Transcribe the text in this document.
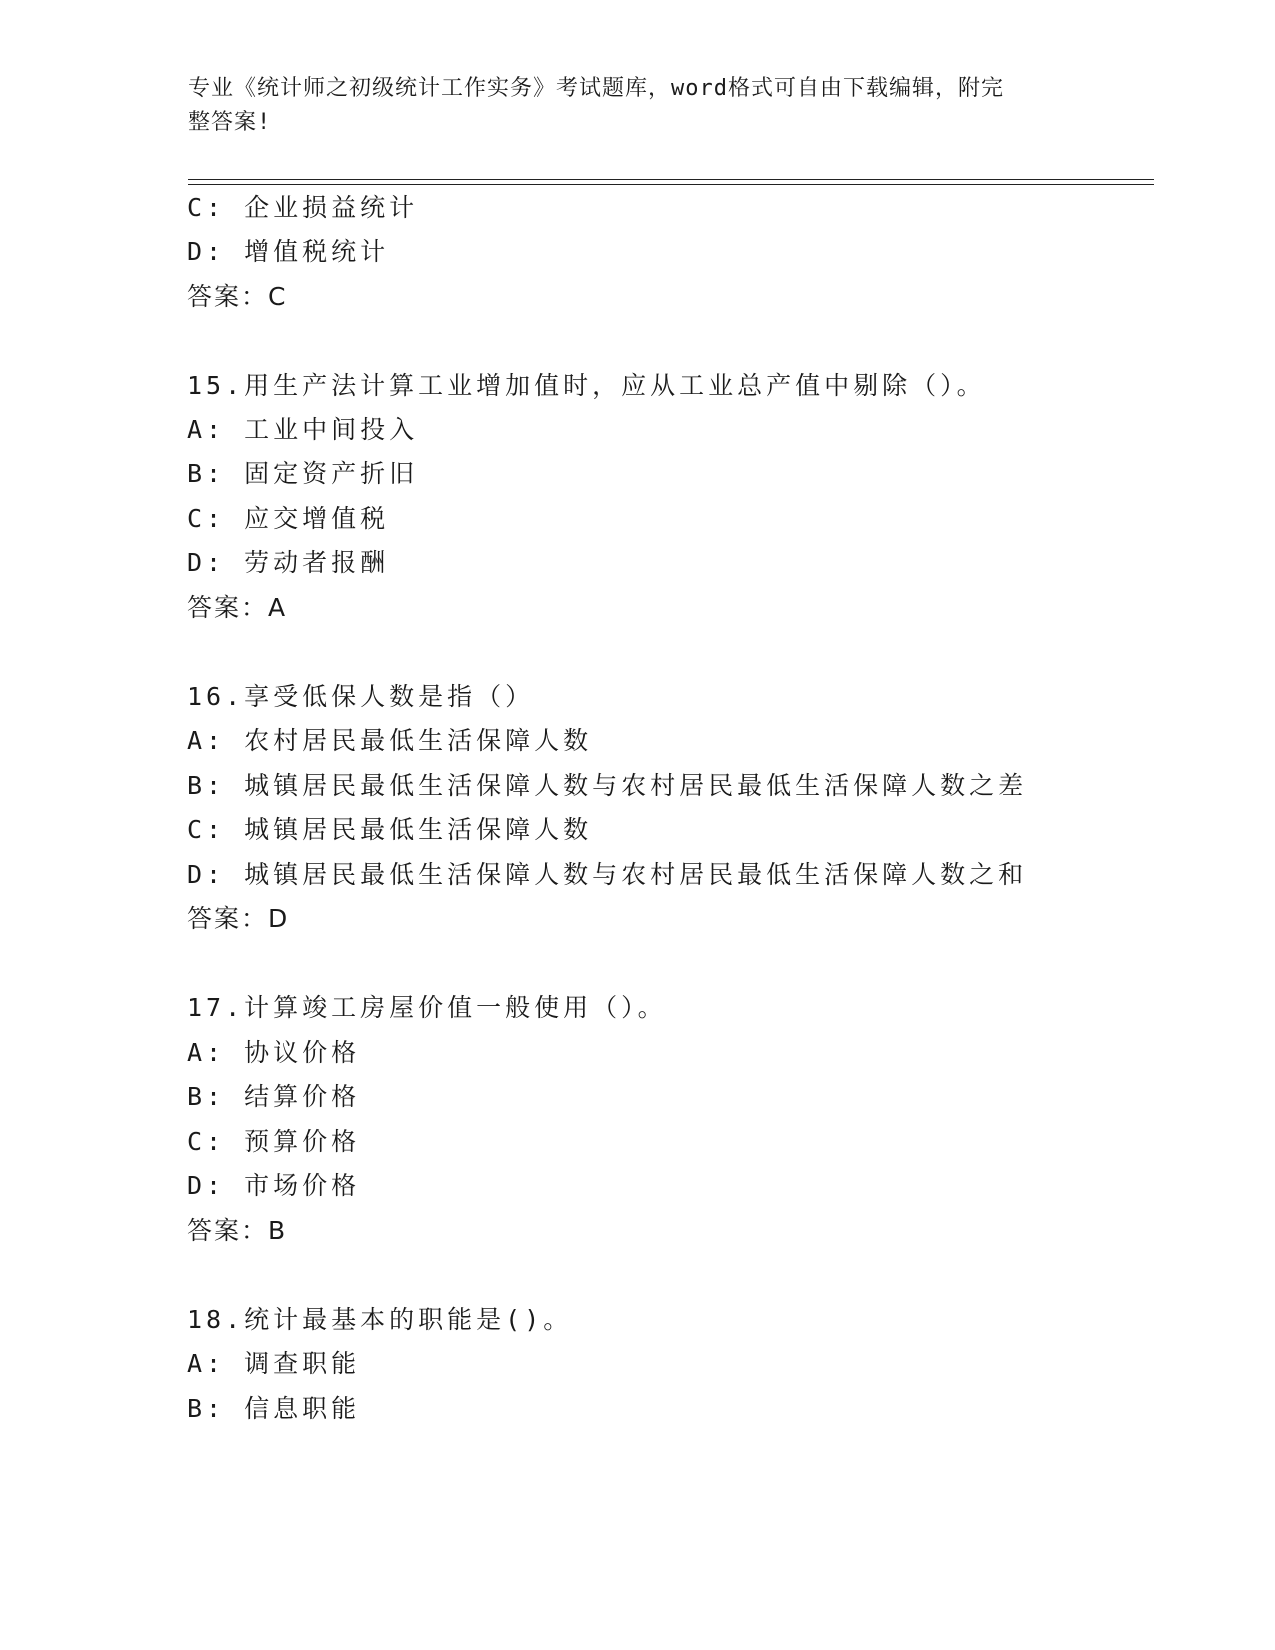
专业《统计师之初级统计工作实务》考试题库，word格式可自由下载编辑，附完
整答案!
C: 企业损益统计
D: 增值税统计
答案：C
15.用生产法计算工业增加值时，应从工业总产值中剔除（）。
A: 工业中间投入
B: 固定资产折旧
C: 应交增值税
D: 劳动者报酬
答案：A
16.享受低保人数是指（）
A: 农村居民最低生活保障人数
B: 城镇居民最低生活保障人数与农村居民最低生活保障人数之差
C: 城镇居民最低生活保障人数
D: 城镇居民最低生活保障人数与农村居民最低生活保障人数之和
答案：D
17.计算竣工房屋价值一般使用（）。
A: 协议价格
B: 结算价格
C: 预算价格
D: 市场价格
答案：B
18.统计最基本的职能是()。
A: 调查职能
B: 信息职能
